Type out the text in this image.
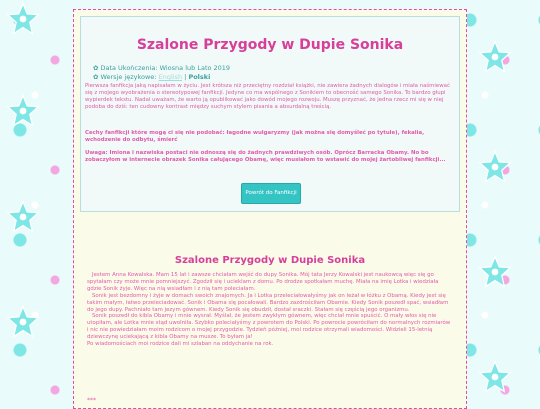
Szalone Przygody w Dupie Sonika
✿ Data Ukończenia: Wiosna lub Lato 2019
✿ Wersje językowe: English | Polski
Pierwsza fanfikcja jaką napisałam w życiu. Jest krótsza niż przeciętny rozdział książki, nie zawiera żadnych dialogów i miała naśmiewać się z mojego wyobrażenia o stereotypowej fanfikcji. Jedyne co ma wspólnego z Sonikiem to obecność samego Sonika. To bardzo głupi wypierdek tekstu. Nadal uważam, że warto ją opublikować jako dowód mojego rozwoju. Muszę przyznać, że jedna rzecz mi się w niej podoba do dziś: ten cudowny kontrast między suchym stylem pisania a absurdalną treścią.
Cechy fanfikcji które mogą ci się nie podobać: łagodne wulgaryzmy (jak można się domyśleć po tytule), fekalia, wchodzenie do odbytu, śmierć
Uwaga: Imiona i nazwiska postaci nie odnoszą się do żadnych prawdziwych osób. Oprócz Barracka Obamy. No bo zobaczyłom w internecie obrazek Sonika całującego Obamę, więc musiałom to wstawić do mojej żartobliwej fanfikcji...
Powrót do Fanfikcji
Szalone Przygody w Dupie Sonika

Jestem Anna Kowalska. Mam 15 lat i zawsze chciałam wejść do dupy Sonika. Mój tata Jerzy Kowalski jest naukowcą więc się go spytałam czy może mnie pomniejszyć. Zgodził się i ucieklam z domu. Po drodze spotkałam muchę. Miała na imię Lotka i wiedziała gdzie Sonik żyje. Więc na nią wsiadłam i z nią tam poleciałam.

Sonik jest bezdomny i żyje w domach swoich znajomych. Ja i Lotka przeleciałowałyśmy jak on leżał w łóżku z Obamą. Kiedy jest się takim małym, łatwo przeleciadować. Sonik i Obama się pocałowali. Bardzo zazdrościłam Obamie. Kiedy Sonik poszedł spać, wsiadłam do jego dupy. Pachniało tam jezym gównem. Kiedy Sonik się obudził, dostał sraczki. Stałam się częścią jego organizmu.

Sonik poszedł do kibla Obamy i mnie wysrał. Myślał, że jestem zwykłym gównem, więc chciał mnie spuścić. O mały włos się nie utopiłam, ale Lotka mnie stąd uwolniła. Szybko poleciałyśmy z powrotem do Polski. Po powrocie powróciłam do normalnych rozmiarów i nic nie powiedziałam moim rodzicom o mojej przygodzie. Tydzień później, moi rodzice otrzymali wiadomości. Widzieli 15-letnią dziewczynę uciekającą z kibla Obamy na musze. To byłam ja!

Po wiadomościach moi rodzice dali mi szlaban na oddychanie na rok.

***
